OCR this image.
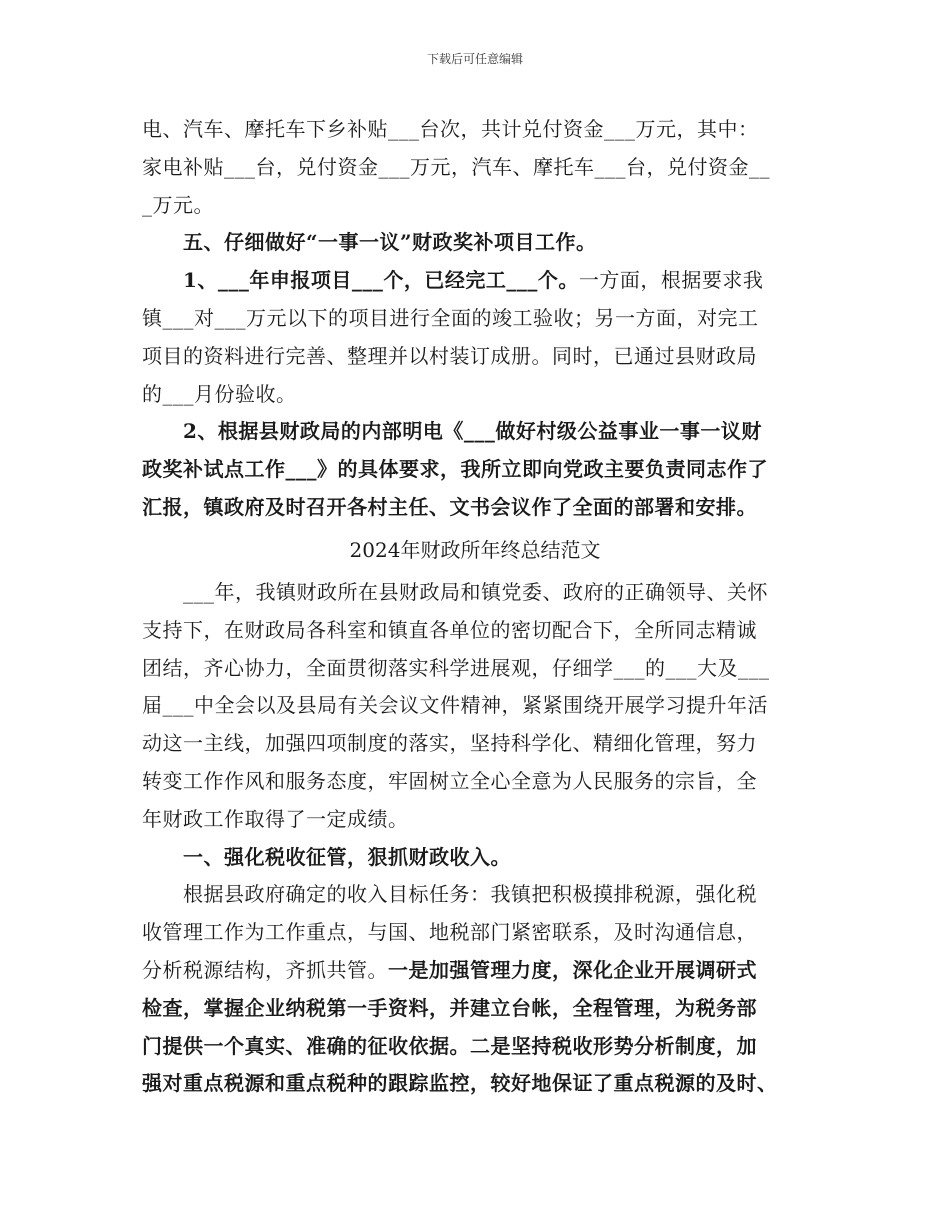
下载后可任意编辑
电、汽车、摩托车下乡补贴___台次，共计兑付资金___万元，其中：
家电补贴___台，兑付资金___万元，汽车、摩托车___台，兑付资金__
_万元。
　　五、仔细做好“一事一议”财政奖补项目工作。
　　1、___年申报项目___个，已经完工___个。一方面，根据要求我
镇___对___万元以下的项目进行全面的竣工验收；另一方面，对完工
项目的资料进行完善、整理并以村装订成册。同时，已通过县财政局
的___月份验收。
　　2、根据县财政局的内部明电《___做好村级公益事业一事一议财
政奖补试点工作___》的具体要求，我所立即向党政主要负责同志作了
汇报，镇政府及时召开各村主任、文书会议作了全面的部署和安排。
2024年财政所年终总结范文
　　___年，我镇财政所在县财政局和镇党委、政府的正确领导、关怀
支持下，在财政局各科室和镇直各单位的密切配合下，全所同志精诚
团结，齐心协力，全面贯彻落实科学进展观，仔细学___的___大及___
届___中全会以及县局有关会议文件精神，紧紧围绕开展学习提升年活
动这一主线，加强四项制度的落实，坚持科学化、精细化管理，努力
转变工作作风和服务态度，牢固树立全心全意为人民服务的宗旨，全
年财政工作取得了一定成绩。
　　一、强化税收征管，狠抓财政收入。
　　根据县政府确定的收入目标任务：我镇把积极摸排税源，强化税
收管理工作为工作重点，与国、地税部门紧密联系，及时沟通信息，
分析税源结构，齐抓共管。一是加强管理力度，深化企业开展调研式
检查，掌握企业纳税第一手资料，并建立台帐，全程管理，为税务部
门提供一个真实、准确的征收依据。二是坚持税收形势分析制度，加
强对重点税源和重点税种的跟踪监控，较好地保证了重点税源的及时、
